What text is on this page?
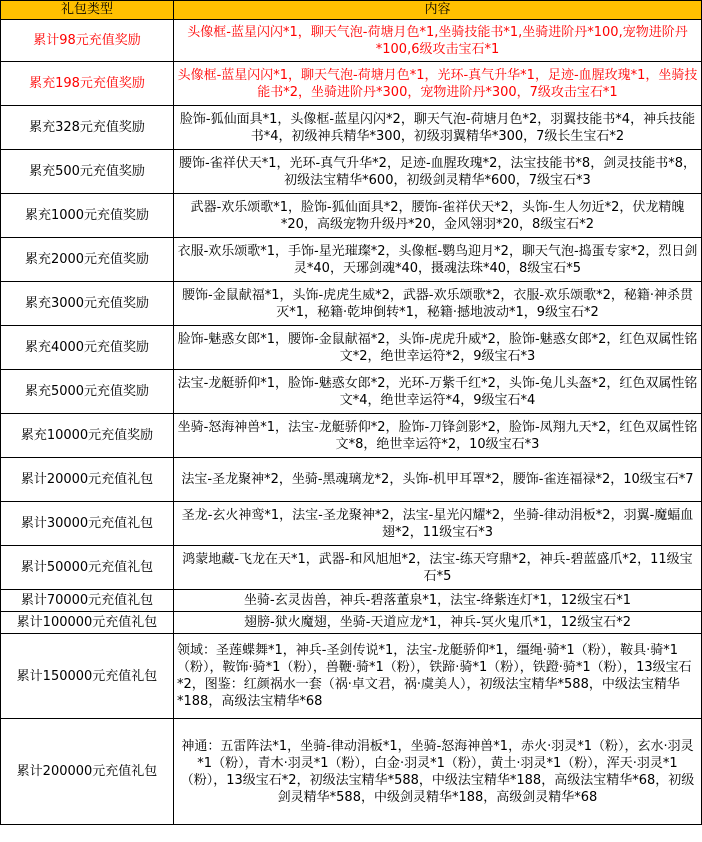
礼包类型	内容
累计98元充值奖励	头像框-蓝星闪闪*1，聊天气泡-荷塘月色*1,坐骑技能书*1,坐骑进阶丹*100,宠物进阶丹*100,6级攻击宝石*1
累充198元充值奖励	头像框-蓝星闪闪*1，聊天气泡-荷塘月色*1，光环-真气升华*1，足迹-血腥玫瑰*1，坐骑技能书*2，坐骑进阶丹*300，宠物进阶丹*300，7级攻击宝石*1
累充328元充值奖励	脸饰-狐仙面具*1，头像框-蓝星闪闪*2，聊天气泡-荷塘月色*2，羽翼技能书*4，神兵技能书*4，初级神兵精华*300，初级羽翼精华*300，7级长生宝石*2
累充500元充值奖励	腰饰-雀祥伏天*1，光环-真气升华*2，足迹-血腥玫瑰*2，法宝技能书*8，剑灵技能书*8，初级法宝精华*600，初级剑灵精华*600，7级宝石*3
累充1000元充值奖励	武器-欢乐颂歌*1，脸饰-狐仙面具*2，腰饰-雀祥伏天*2，头饰-生人勿近*2，伏龙精魄*20，高级宠物升级丹*20，金风翎羽*20，8级宝石*2
累充2000元充值奖励	衣服-欢乐颂歌*1，手饰-星光璀璨*2，头像框-鹦鸟迎月*2，聊天气泡-捣蛋专家*2，烈日剑灵*40，天琊剑魂*40，摄魂法珠*40，8级宝石*5
累充3000元充值奖励	腰饰-金鼠献福*1，头饰-虎虎生威*2，武器-欢乐颂歌*2，衣服-欢乐颂歌*2，秘籍·神杀贯灭*1，秘籍·乾坤倒转*1，秘籍·撼地波动*1，9级宝石*2
累充4000元充值奖励	脸饰-魅惑女郎*1，腰饰-金鼠献福*2，头饰-虎虎升威*2，脸饰-魅惑女郎*2，红色双属性铭文*2，绝世幸运符*2，9级宝石*3
累充5000元充值奖励	法宝-龙艇骄仰*1，脸饰-魅惑女郎*2，光环-万紫千红*2，头饰-兔儿头盔*2，红色双属性铭文*4，绝世幸运符*4，9级宝石*4
累充10000元充值奖励	坐骑-怒海神兽*1，法宝-龙艇骄仰*2，脸饰-刀锋剑影*2，脸饰-凤翔九天*2，红色双属性铭文*8，绝世幸运符*2，10级宝石*3
累计20000元充值礼包	法宝-圣龙聚神*2，坐骑-黑魂璃龙*2，头饰-机甲耳罩*2，腰饰-雀连福禄*2，10级宝石*7
累计30000元充值礼包	圣龙-玄火神鸾*1，法宝-圣龙聚神*2，法宝-星光闪耀*2，坐骑-律动涓板*2，羽翼-魔蝠血翅*2，11级宝石*3
累计50000元充值礼包	鸿蒙地藏-飞龙在天*1，武器-和风旭旭*2，法宝-练天穹鼎*2，神兵-碧蓝盛爪*2，11级宝石*5
累计70000元充值礼包	坐骑-玄灵齿兽，神兵-碧落董泉*1，法宝-绛紫连灯*1，12级宝石*1
累计100000元充值礼包	翅膀-狱火魔翅，坐骑-天道应龙*1，神兵-冥火鬼爪*1，12级宝石*2
累计150000元充值礼包	领域：圣莲蝶舞*1，神兵-圣剑传说*1，法宝-龙艇骄仰*1，缰绳·骑*1（粉），鞍具·骑*1（粉），鞍饰·骑*1（粉），兽鞭·骑*1（粉），铁蹄·骑*1（粉），铁蹬·骑*1（粉），13级宝石*2，图鉴：红颜祸水一套（祸·卓文君，祸·虞美人），初级法宝精华*588，中级法宝精华*188，高级法宝精华*68
累计200000元充值礼包	神通：五雷阵法*1，坐骑-律动涓板*1，坐骑-怒海神兽*1，赤火·羽灵*1（粉），玄水·羽灵*1（粉），青木·羽灵*1（粉），白金·羽灵*1（粉），黄土·羽灵*1（粉），浑天·羽灵*1（粉），13级宝石*2，初级法宝精华*588，中级法宝精华*188，高级法宝精华*68，初级剑灵精华*588，中级剑灵精华*188，高级剑灵精华*68
